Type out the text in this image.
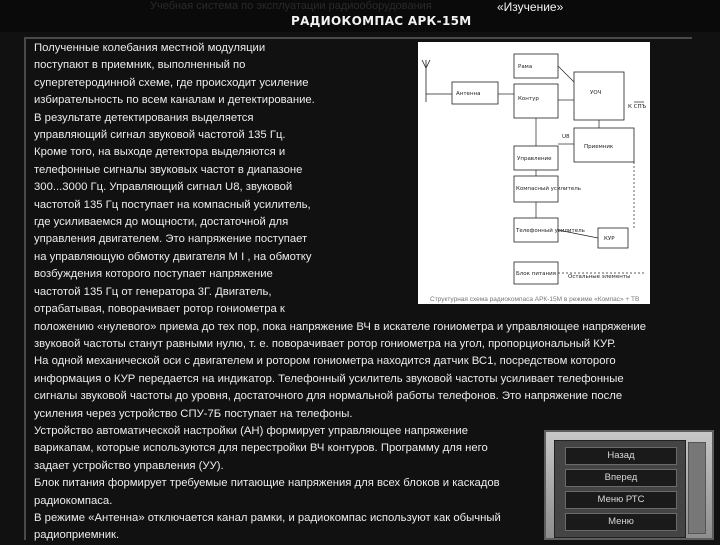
Учебная система по эксплуатации радиооборудования	«Изучение»
РАДИОКОМПАС АРК-15М

Полученные колебания местной модуляции

поступают в приемник, выполненный по

супергетеродинной схеме, где происходит усиление

избирательность по всем каналам и детектирование.

В результате детектирования выделяется

управляющий сигнал звуковой частотой 135 Гц.

Кроме того, на выходе детектора выделяются и

телефонные сигналы звуковых частот в диапазоне

300...3000 Гц. Управляющий сигнал U8, звуковой

частотой 135 Гц поступает на компасный усилитель,

где усиливаемся до мощности, достаточной для

управления двигателем. Это напряжение поступает

на управляющую обмотку двигателя М I , на обмотку

возбуждения которого поступает напряжение

частотой 135 Гц от генератора 3Г. Двигатель,

отрабатывая, поворачивает ротор гониометра к

положению «нулевого» приема до тех пор, пока напряжение ВЧ в искателе гониометра и управляющее напряжение

звуковой частоты станут равными нулю, т. е. поворачивает ротор гониометра на угол, пропорциональный КУР.

На одной механической оси с двигателем и ротором гониометра находится датчик ВС1, посредством которого

информация о КУР передается на индикатор. Телефонный усилитель звуковой частоты усиливает телефонные

сигналы звуковой частоты до уровня, достаточного для нормальной работы телефонов. Это напряжение после

усиления через устройство СПУ-7Б поступает на телефоны.

Устройство автоматической настройки (АН) формирует управляющее напряжение

варикапам, которые используются для перестройки ВЧ контуров. Программу для него

задает устройство управления (УУ).

Блок питания формирует требуемые питающие напряжения для всех блоков и каскадов

радиокомпаса.

В режиме «Антенна» отключается канал рамки, и радиокомпас используют как обычный

радиоприемник.

Антенна
Рама
Контур
УОЧ
Приемник
U8
К СПЪ
Управление
Компасный усилитель
Телефонный усилитель
КУР
Блок питания Остальные элементы
Структурная схема радиокомпаса АРК-15М в режиме «Компас» + ТВ
Назад
Вперед
Меню РТС
Меню
